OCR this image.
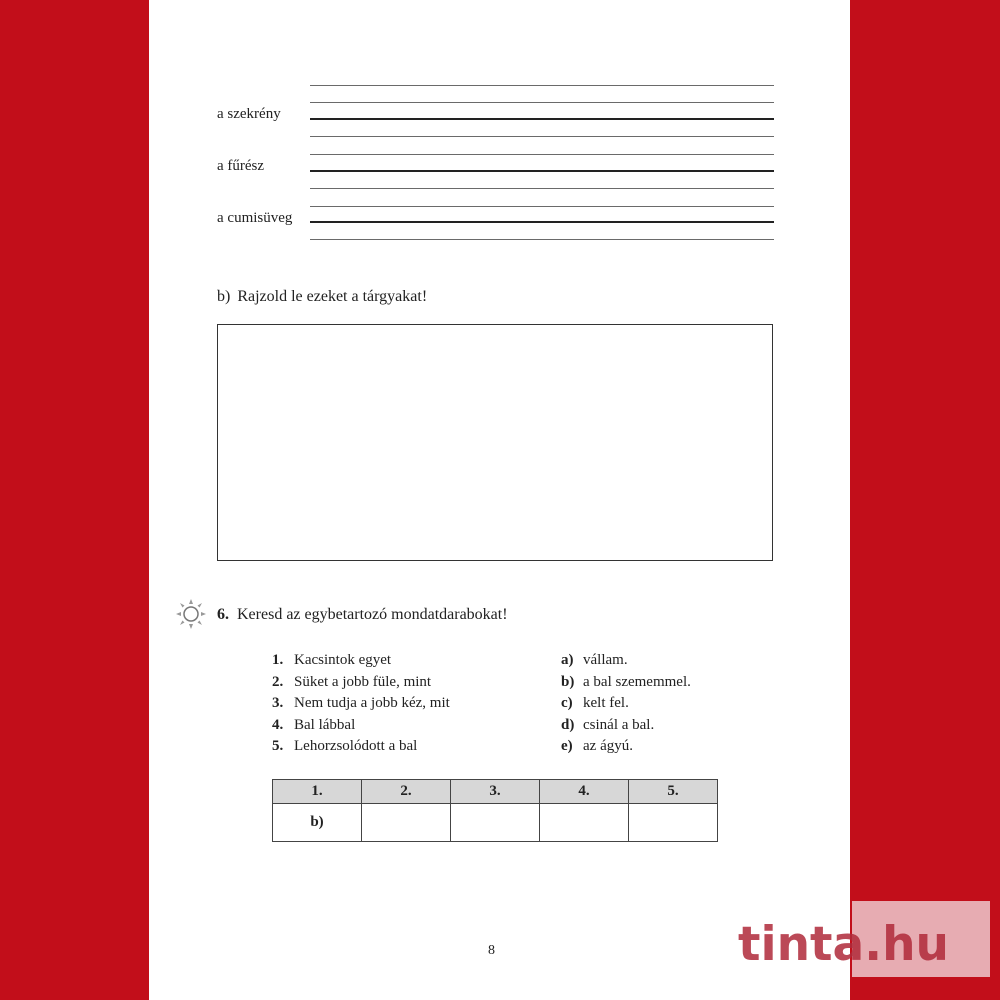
a szekrény
a fűrész
a cumisüveg
b) Rajzold le ezeket a tárgyakat!
6. Keresd az egybetartozó mondatdarabokat!
1. Kacsintok egyet
2. Süket a jobb füle, mint
3. Nem tudja a jobb kéz, mit
4. Bal lábbal
5. Lehorzsolódott a bal
a) vállam.
b) a bal szememmel.
c) kelt fel.
d) csinál a bal.
e) az ágyú.
1.	2.	3.	4.	5.
b)				
8	tinta.hu
